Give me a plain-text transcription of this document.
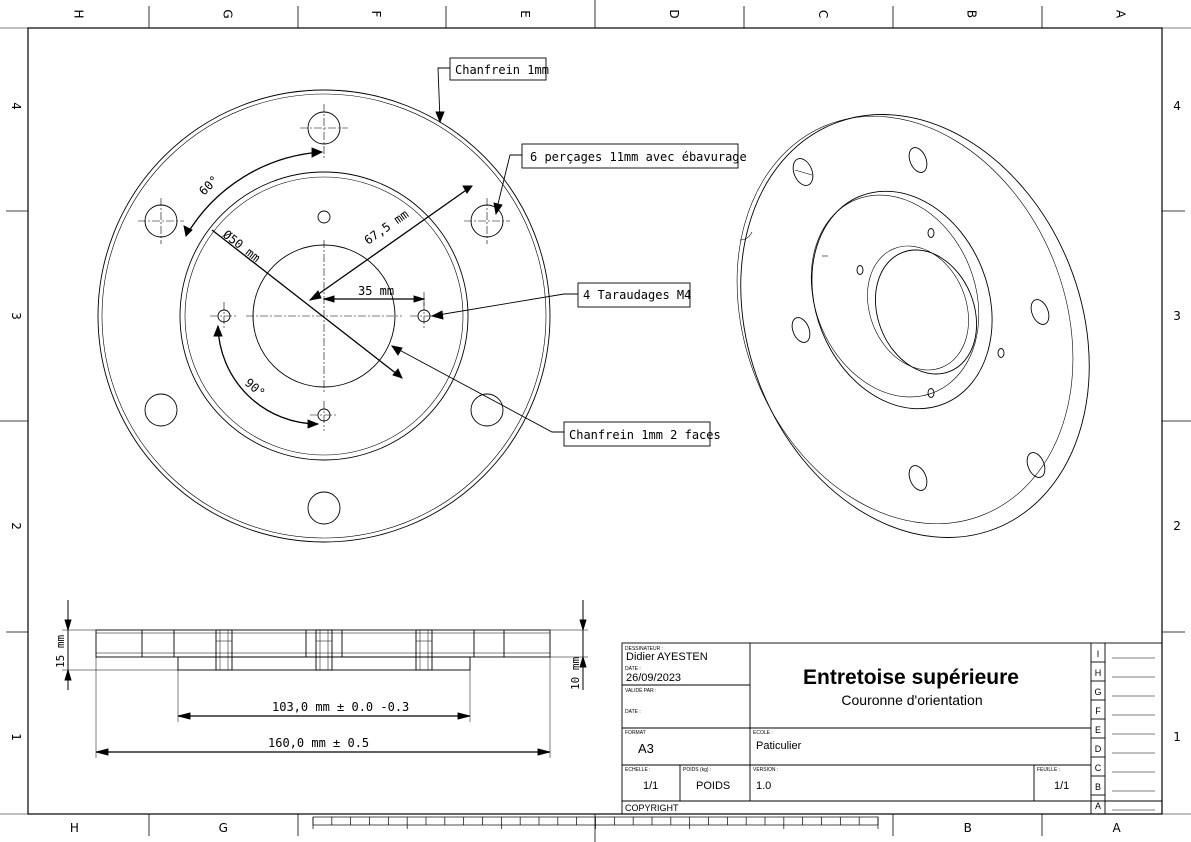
H	G	F	E	D	C	B	A
H	G	B	A
4
3
2
1
4
3
2
1
Chanfrein 1mm
6 perçages 11mm avec ébavurage
4 Taraudages M4
Chanfrein 1mm 2 faces
60°
90°
Ø50 mm	67,5 mm
35 mm
15 mm
10 mm
103,0 mm ± 0.0 -0.3
160,0 mm ± 0.5
DESSINATEUR :
Didier AYESTEN
DATE :
26/09/2023
VALIDÉ PAR :
DATE :
Entretoise supérieure
Couronne d'orientation
FORMAT
A3
ECOLE :
Paticulier
ECHELLE :
1/1
POIDS (kg) :
POIDS
VERSION :
1.0
FEUILLE :
1/1
COPYRIGHT
I
H
G
F
E
D
C
B
A
